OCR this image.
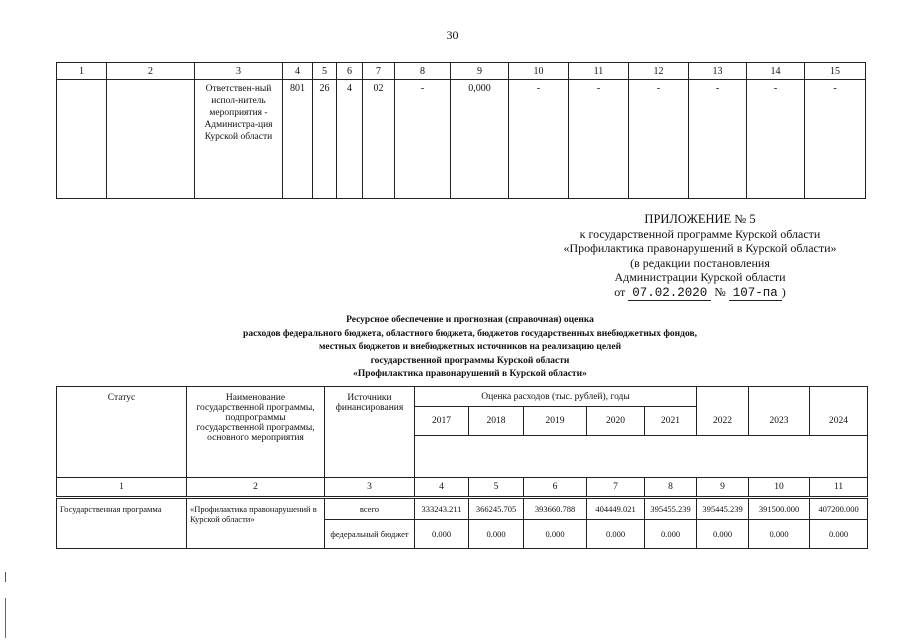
30
1	2	3	4	5	6	7	8	9	10	11	12	13	14	15
		Ответствен-ный испол-нитель мероприятия - Администра-ция Курской области	801	26	4	02	-	0,000	-	-	-	-	-	-
ПРИЛОЖЕНИЕ № 5
к государственной программе Курской области
«Профилактика правонарушений в Курской области»
(в редакции постановления
Администрации Курской области
от 07.02.2020 № 107-па )
Ресурсное обеспечение и прогнозная (справочная) оценка
расходов федерального бюджета, областного бюджета, бюджетов государственных внебюджетных фондов,
местных бюджетов и внебюджетных источников на реализацию целей
государственной программы Курской области
«Профилактика правонарушений в Курской области»
Статус	Наименование государственной программы, подпрограммы государственной программы, основного мероприятия	Источники финансирования	Оценка расходов (тыс. рублей), годы							
			2017	2018	2019	2020	2021	2022	2023	2024

1	2	3	4	5	6	7	8	9	10	11
Государственная программа	«Профилактика правонарушений в Курской области»	всего	333243.211	366245.705	393660.788	404449.021	395455.239	395445.239	391500.000	407200.000
		федеральный бюджет	0.000	0.000	0.000	0.000	0.000	0.000	0.000	0.000
